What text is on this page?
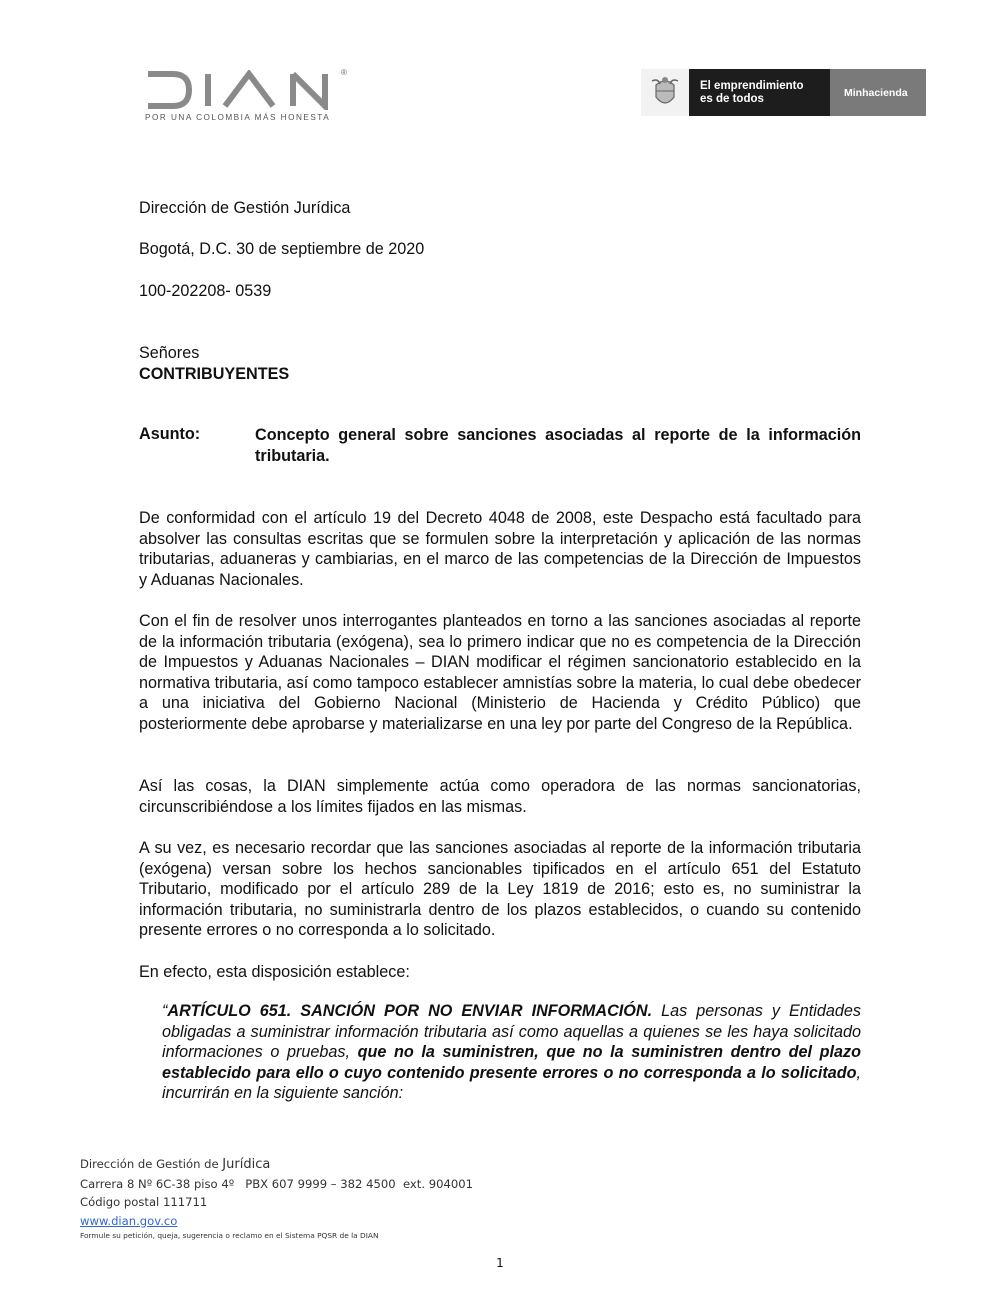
®
POR UNA COLOMBIA MÁS HONESTA
El emprendimiento
es de todos	Minhacienda
Dirección de Gestión Jurídica
Bogotá, D.C. 30 de septiembre de 2020
100-202208- 0539
Señores
CONTRIBUYENTES
Asunto:	Concepto general sobre sanciones asociadas al reporte de la información tributaria.
De conformidad con el artículo 19 del Decreto 4048 de 2008, este Despacho está facultado para absolver las consultas escritas que se formulen sobre la interpretación y aplicación de las normas tributarias, aduaneras y cambiarias, en el marco de las competencias de la Dirección de Impuestos y Aduanas Nacionales.
Con el fin de resolver unos interrogantes planteados en torno a las sanciones asociadas al reporte de la información tributaria (exógena), sea lo primero indicar que no es competencia de la Dirección de Impuestos y Aduanas Nacionales – DIAN modificar el régimen sancionatorio establecido en la normativa tributaria, así como tampoco establecer amnistías sobre la materia, lo cual debe obedecer a una iniciativa del Gobierno Nacional (Ministerio de Hacienda y Crédito Público) que posteriormente debe aprobarse y materializarse en una ley por parte del Congreso de la República.
Así las cosas, la DIAN simplemente actúa como operadora de las normas sancionatorias, circunscribiéndose a los límites fijados en las mismas.
A su vez, es necesario recordar que las sanciones asociadas al reporte de la información tributaria (exógena) versan sobre los hechos sancionables tipificados en el artículo 651 del Estatuto Tributario, modificado por el artículo 289 de la Ley 1819 de 2016; esto es, no suministrar la información tributaria, no suministrarla dentro de los plazos establecidos, o cuando su contenido presente errores o no corresponda a lo solicitado.
En efecto, esta disposición establece:
“ARTÍCULO 651. SANCIÓN POR NO ENVIAR INFORMACIÓN. Las personas y Entidades obligadas a suministrar información tributaria así como aquellas a quienes se les haya solicitado informaciones o pruebas, que no la suministren, que no la suministren dentro del plazo establecido para ello o cuyo contenido presente errores o no corresponda a lo solicitado, incurrirán en la siguiente sanción:
Dirección de Gestión de Jurídica
Carrera 8 Nº 6C-38 piso 4º   PBX 607 9999 – 382 4500  ext. 904001
Código postal 111711
www.dian.gov.co
Formule su petición, queja, sugerencia o reclamo en el Sistema PQSR de la DIAN
1
